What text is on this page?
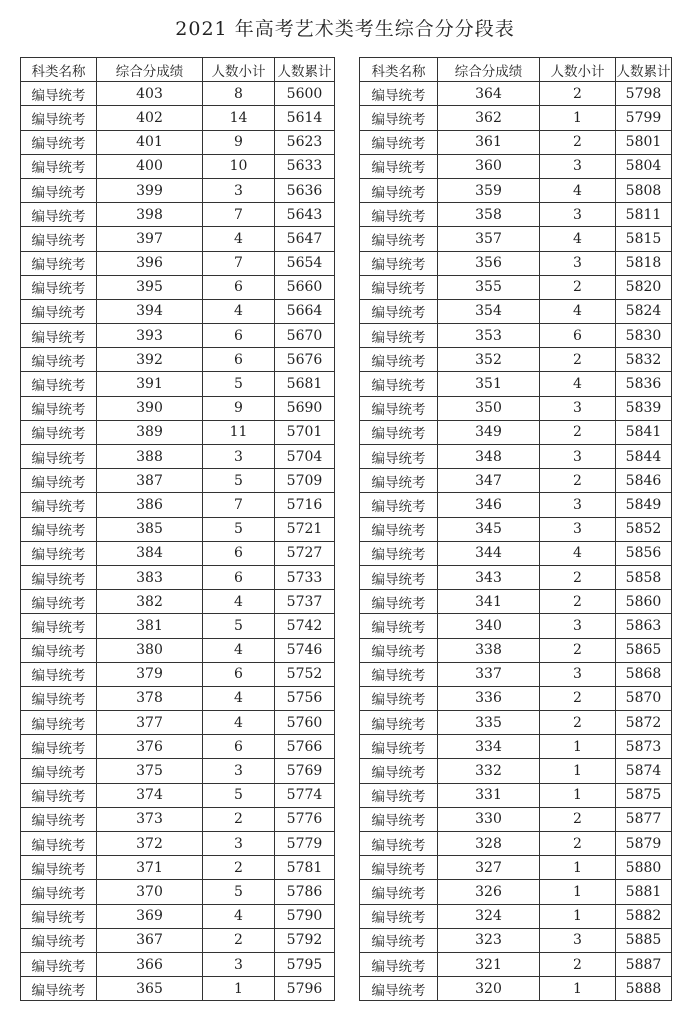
2021 年高考艺术类考生综合分分段表
科类名称	综合分成绩	人数小计	人数累计
编导统考	403	8	5600
编导统考	402	14	5614
编导统考	401	9	5623
编导统考	400	10	5633
编导统考	399	3	5636
编导统考	398	7	5643
编导统考	397	4	5647
编导统考	396	7	5654
编导统考	395	6	5660
编导统考	394	4	5664
编导统考	393	6	5670
编导统考	392	6	5676
编导统考	391	5	5681
编导统考	390	9	5690
编导统考	389	11	5701
编导统考	388	3	5704
编导统考	387	5	5709
编导统考	386	7	5716
编导统考	385	5	5721
编导统考	384	6	5727
编导统考	383	6	5733
编导统考	382	4	5737
编导统考	381	5	5742
编导统考	380	4	5746
编导统考	379	6	5752
编导统考	378	4	5756
编导统考	377	4	5760
编导统考	376	6	5766
编导统考	375	3	5769
编导统考	374	5	5774
编导统考	373	2	5776
编导统考	372	3	5779
编导统考	371	2	5781
编导统考	370	5	5786
编导统考	369	4	5790
编导统考	367	2	5792
编导统考	366	3	5795
编导统考	365	1	5796
科类名称	综合分成绩	人数小计	人数累计
编导统考	364	2	5798
编导统考	362	1	5799
编导统考	361	2	5801
编导统考	360	3	5804
编导统考	359	4	5808
编导统考	358	3	5811
编导统考	357	4	5815
编导统考	356	3	5818
编导统考	355	2	5820
编导统考	354	4	5824
编导统考	353	6	5830
编导统考	352	2	5832
编导统考	351	4	5836
编导统考	350	3	5839
编导统考	349	2	5841
编导统考	348	3	5844
编导统考	347	2	5846
编导统考	346	3	5849
编导统考	345	3	5852
编导统考	344	4	5856
编导统考	343	2	5858
编导统考	341	2	5860
编导统考	340	3	5863
编导统考	338	2	5865
编导统考	337	3	5868
编导统考	336	2	5870
编导统考	335	2	5872
编导统考	334	1	5873
编导统考	332	1	5874
编导统考	331	1	5875
编导统考	330	2	5877
编导统考	328	2	5879
编导统考	327	1	5880
编导统考	326	1	5881
编导统考	324	1	5882
编导统考	323	3	5885
编导统考	321	2	5887
编导统考	320	1	5888
